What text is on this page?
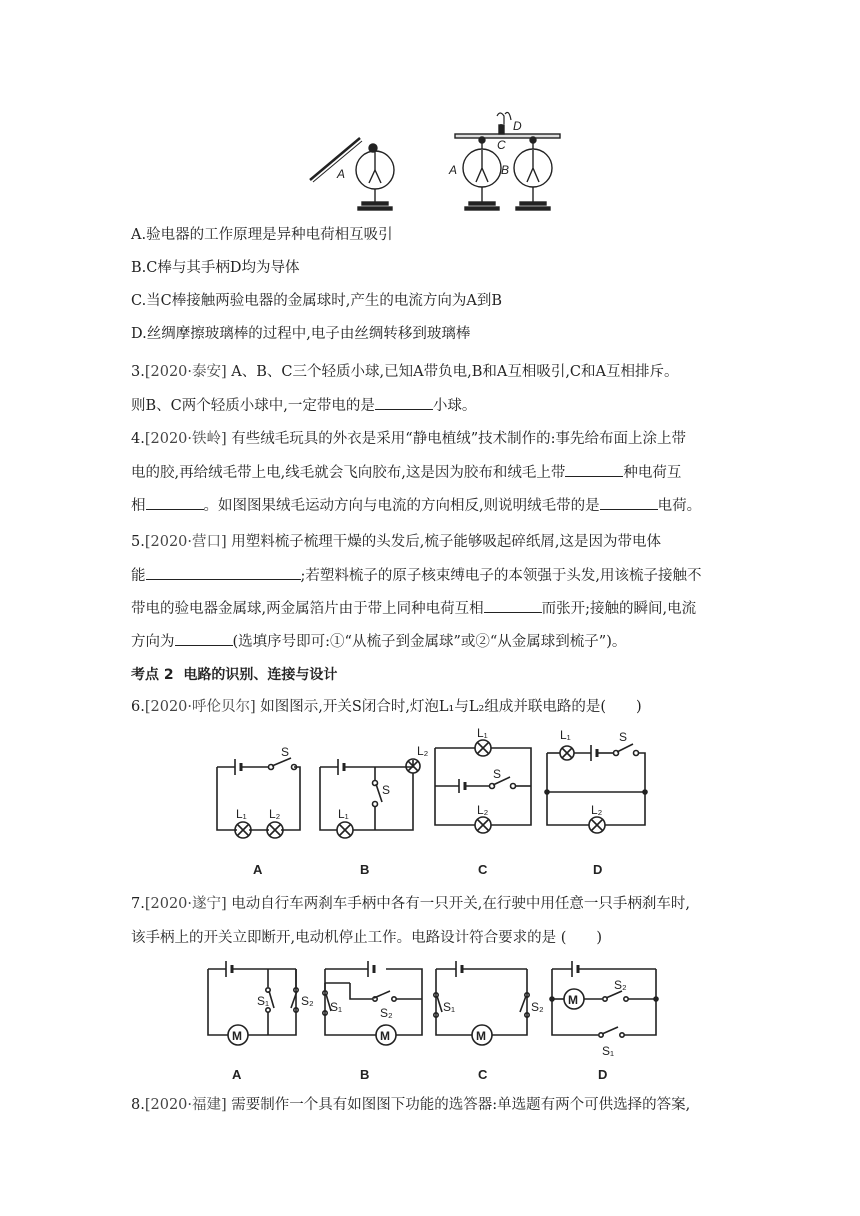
A	A	B
C
D
A.验电器的工作原理是异种电荷相互吸引
B.C棒与其手柄D均为导体
C.当C棒接触两验电器的金属球时,产生的电流方向为A到B
D.丝绸摩擦玻璃棒的过程中,电子由丝绸转移到玻璃棒
3.[2020·泰安] A、B、C三个轻质小球,已知A带负电,B和A互相吸引,C和A互相排斥。
则B、C两个轻质小球中,一定带电的是	小球。
4.[2020·铁岭] 有些绒毛玩具的外衣是采用“静电植绒”技术制作的:事先给布面上涂上带
电的胶,再给绒毛带上电,线毛就会飞向胶布,这是因为胶布和绒毛上带	种电荷互
相	。如图图果绒毛运动方向与电流的方向相反,则说明绒毛带的是	电荷。
5.[2020·营口] 用塑料梳子梳理干燥的头发后,梳子能够吸起碎纸屑,这是因为带电体
能	;若塑料梳子的原子核束缚电子的本领强于头发,用该梳子接触不
带电的验电器金属球,两金属箔片由于带上同种电荷互相	而张开;接触的瞬间,电流
方向为	(选填序号即可:①“从梳子到金属球”或②“从金属球到梳子”)。
考点 2 电路的识别、连接与设计
6.[2020·呼伦贝尔] 如图图示,开关S闭合时,灯泡L₁与L₂组成并联电路的是( )
S
L₁ L₂	L₁
S
L₂
L₁
S
L₂
L₁	S
L₂
A	B	C	D
7.[2020·遂宁] 电动自行车两刹车手柄中各有一只开关,在行驶中用任意一只手柄刹车时,
该手柄上的开关立即断开,电动机停止工作。电路设计符合要求的是 ( )
M	M	M
M
S₁	S₂ S₁	S₂	S₁	S₂
S₂
S₁
A	B	C	D
8.[2020·福建] 需要制作一个具有如图图下功能的选答器:单选题有两个可供选择的答案,
